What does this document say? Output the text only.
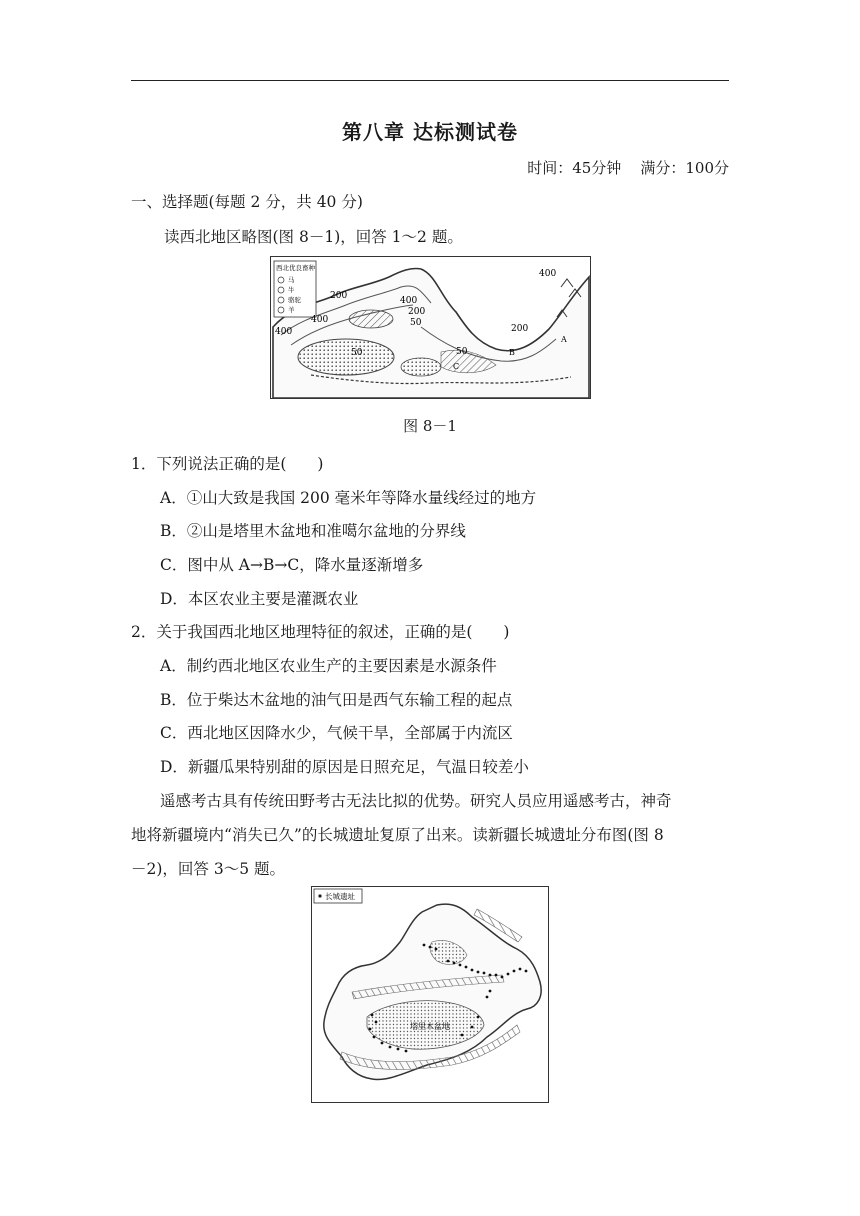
第八章 达标测试卷
时间：45分钟    满分：100分
一、选择题(每题 2 分，共 40 分)
读西北地区略图(图 8－1)，回答 1～2 题。
西北优良畜种
马
牛
骆驼
羊
400
200	400
200
50
400
400
50
200
50
A
B
C
图 8－1
1．下列说法正确的是(　　)
A．①山大致是我国 200 毫米年等降水量线经过的地方
B．②山是塔里木盆地和准噶尔盆地的分界线
C．图中从 A→B→C，降水量逐渐增多
D．本区农业主要是灌溉农业
2．关于我国西北地区地理特征的叙述，正确的是(　　)
A．制约西北地区农业生产的主要因素是水源条件
B．位于柴达木盆地的油气田是西气东输工程的起点
C．西北地区因降水少，气候干旱，全部属于内流区
D．新疆瓜果特别甜的原因是日照充足，气温日较差小
遥感考古具有传统田野考古无法比拟的优势。研究人员应用遥感考古，神奇
地将新疆境内“消失已久”的长城遗址复原了出来。读新疆长城遗址分布图(图 8
－2)，回答 3～5 题。
长城遗址
塔里木盆地
